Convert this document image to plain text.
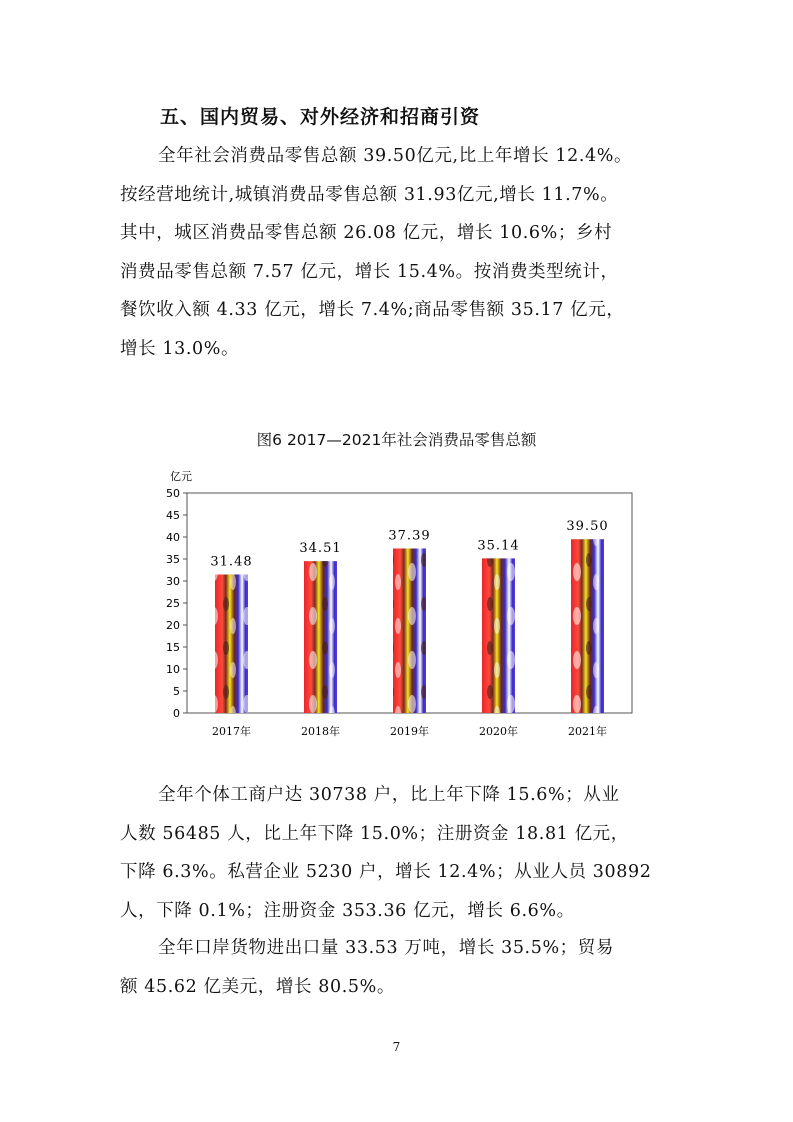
五、国内贸易、对外经济和招商引资
全年社会消费品零售总额 39.50亿元,比上年增长 12.4%。
按经营地统计,城镇消费品零售总额 31.93亿元,增长 11.7%。
其中，城区消费品零售总额 26.08 亿元，增长 10.6%；乡村
消费品零售总额 7.57 亿元，增长 15.4%。按消费类型统计，
餐饮收入额 4.33 亿元，增长 7.4%;商品零售额 35.17 亿元，
增长 13.0%。
图6 2017—2021年社会消费品零售总额
亿元
0
5
10
15
20
25
30
35
40
45
50
31.48
34.51
37.39
35.14
39.50
2017年	2018年	2019年	2020年	2021年
全年个体工商户达 30738 户，比上年下降 15.6%；从业
人数 56485 人，比上年下降 15.0%；注册资金 18.81 亿元，
下降 6.3%。私营企业 5230 户，增长 12.4%；从业人员 30892
人，下降 0.1%；注册资金 353.36 亿元，增长 6.6%。
全年口岸货物进出口量 33.53 万吨，增长 35.5%；贸易
额 45.62 亿美元，增长 80.5%。
7
